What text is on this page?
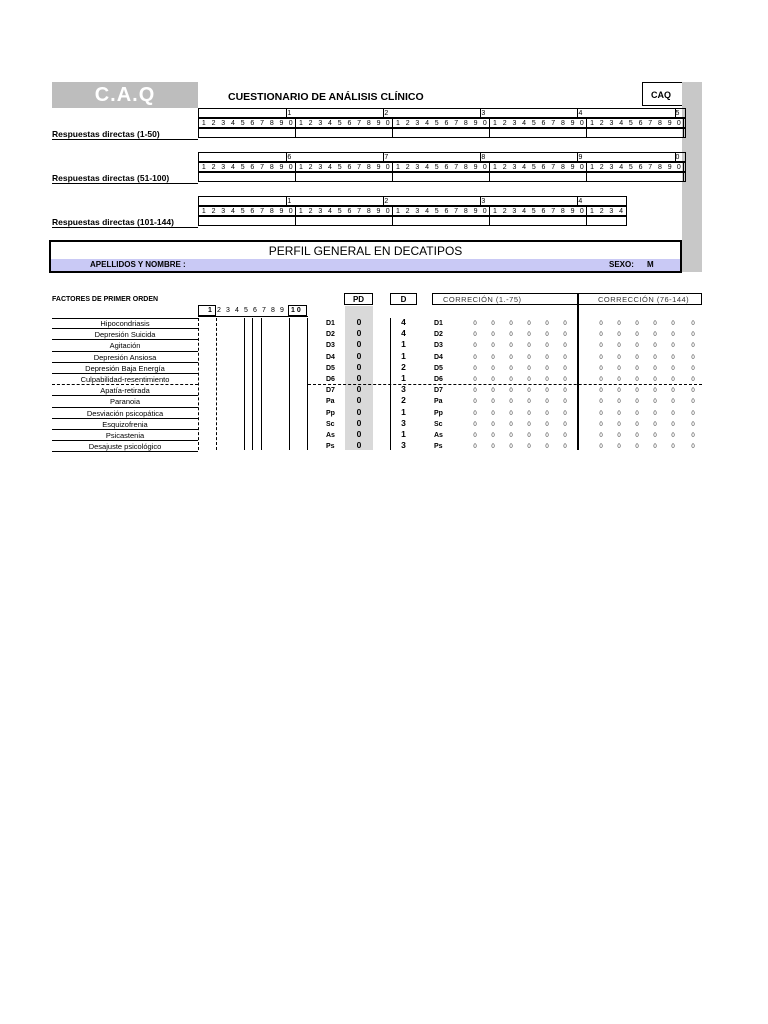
C.A.Q	CUESTIONARIO DE ANÁLISIS CLÍNICO	CAQ
1	2	3	4	5
1 2 3 4 5 6 7 8 9 0 1 2 3 4 5 6 7 8 9 0 1 2 3 4 5 6 7 8 9 0 1 2 3 4 5 6 7 8 9 0 1 2 3 4 5 6 7 8 9 0
Respuestas directas (1-50)
6	7	8	9	0
1 2 3 4 5 6 7 8 9 0 1 2 3 4 5 6 7 8 9 0 1 2 3 4 5 6 7 8 9 0 1 2 3 4 5 6 7 8 9 0 1 2 3 4 5 6 7 8 9 0
Respuestas directas (51-100)
1	2	3	4
1 2 3 4 5 6 7 8 9 0 1 2 3 4 5 6 7 8 9 0 1 2 3 4 5 6 7 8 9 0 1 2 3 4 5 6 7 8 9 0 1 2 3 4
Respuestas directas (101-144)
PERFIL GENERAL EN DECATIPOS
APELLIDOS Y NOMBRE :	SEXO: M
FACTORES DE PRIMER ORDEN
1 2 3 4 5 6 7 8 9 1 0
PD	D	CORRECIÓN (1.-75)	CORRECCIÓN (76-144)
Hipocondriasis	D1	0	4	D1	0	0	0	0	0	0	0	0	0	0	0	0
Depresión Suicida	D2	0	4	D2	0	0	0	0	0	0	0	0	0	0	0	0
Agitación	D3	0	1	D3	0	0	0	0	0	0	0	0	0	0	0	0
Depresión Ansiosa	D4	0	1	D4	0	0	0	0	0	0	0	0	0	0	0	0
Depresión Baja Energía	D5	0	2	D5	0	0	0	0	0	0	0	0	0	0	0	0
Culpabilidad-resentimiento	D6	0	1	D6	0	0	0	0	0	0	0	0	0	0	0	0
Apatía-retirada	D7	0	3	D7	0	0	0	0	0	0	0	0	0	0	0	0
Paranoia	Pa	0	2	Pa	0	0	0	0	0	0	0	0	0	0	0	0
Desviación psicopática	Pp	0	1	Pp	0	0	0	0	0	0	0	0	0	0	0	0
Esquizofrenia	Sc	0	3	Sc	0	0	0	0	0	0	0	0	0	0	0	0
Psicastenia	As	0	1	As	0	0	0	0	0	0	0	0	0	0	0	0
Desajuste psicológico	Ps	0	3	Ps	0	0	0	0	0	0	0	0	0	0	0	0
